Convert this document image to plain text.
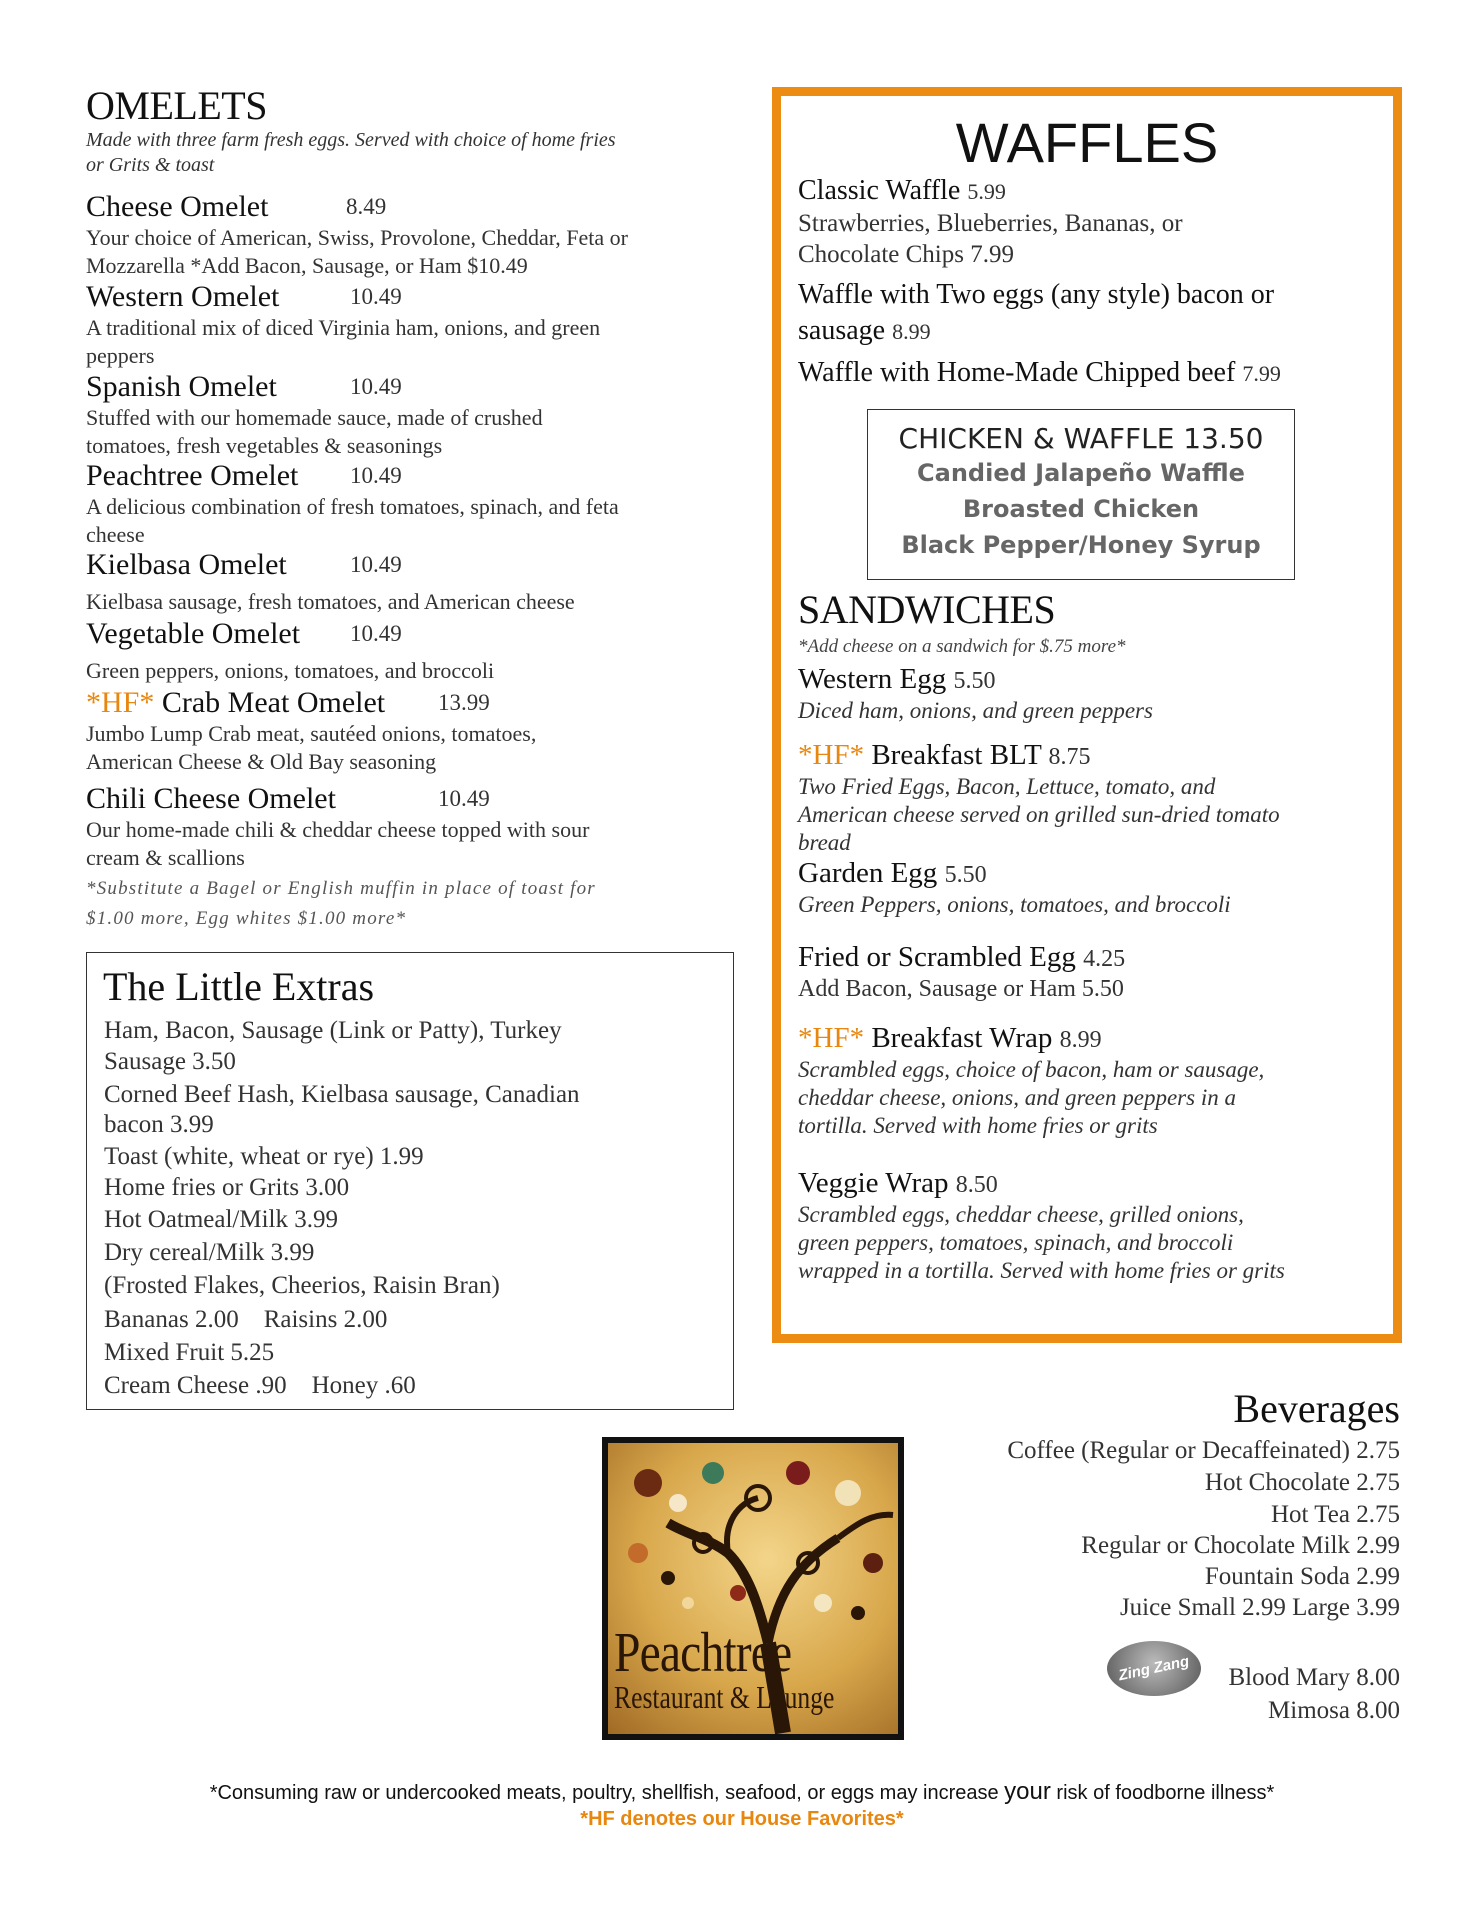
OMELETS
Made with three farm fresh eggs. Served with choice of home fries
or Grits & toast
Cheese Omelet	8.49
Your choice of American, Swiss, Provolone, Cheddar, Feta or
Mozzarella *Add Bacon, Sausage, or Ham $10.49
Western Omelet	10.49
A traditional mix of diced Virginia ham, onions, and green
peppers
Spanish Omelet	10.49
Stuffed with our homemade sauce, made of crushed
tomatoes, fresh vegetables & seasonings
Peachtree Omelet	10.49
A delicious combination of fresh tomatoes, spinach, and feta
cheese
Kielbasa Omelet	10.49
Kielbasa sausage, fresh tomatoes, and American cheese
Vegetable Omelet	10.49
Green peppers, onions, tomatoes, and broccoli
*HF* Crab Meat Omelet	13.99
Jumbo Lump Crab meat, sautéed onions, tomatoes,
American Cheese & Old Bay seasoning
Chili Cheese Omelet	10.49
Our home-made chili & cheddar cheese topped with sour
cream & scallions
*Substitute a Bagel or English muffin in place of toast for
$1.00 more, Egg whites $1.00 more*
The Little Extras
Ham, Bacon, Sausage (Link or Patty), Turkey
Sausage 3.50
Corned Beef Hash, Kielbasa sausage, Canadian
bacon 3.99
Toast (white, wheat or rye) 1.99
Home fries or Grits 3.00
Hot Oatmeal/Milk 3.99
Dry cereal/Milk 3.99
(Frosted Flakes, Cheerios, Raisin Bran)
Bananas 2.00    Raisins 2.00
Mixed Fruit 5.25
Cream Cheese .90    Honey .60
WAFFLES
Classic Waffle 5.99
Strawberries, Blueberries, Bananas, or
Chocolate Chips 7.99
Waffle with Two eggs (any style) bacon or
sausage 8.99
Waffle with Home-Made Chipped beef 7.99
CHICKEN & WAFFLE 13.50
Candied Jalapeño Waffle
Broasted Chicken
Black Pepper/Honey Syrup
SANDWICHES
*Add cheese on a sandwich for $.75 more*
Western Egg 5.50
Diced ham, onions, and green peppers
*HF* Breakfast BLT 8.75
Two Fried Eggs, Bacon, Lettuce, tomato, and
American cheese served on grilled sun-dried tomato
bread
Garden Egg 5.50
Green Peppers, onions, tomatoes, and broccoli
Fried or Scrambled Egg 4.25
Add Bacon, Sausage or Ham 5.50
*HF* Breakfast Wrap 8.99
Scrambled eggs, choice of bacon, ham or sausage,
cheddar cheese, onions, and green peppers in a
tortilla. Served with home fries or grits
Veggie Wrap 8.50
Scrambled eggs, cheddar cheese, grilled onions,
green peppers, tomatoes, spinach, and broccoli
wrapped in a tortilla. Served with home fries or grits
Peachtree
Restaurant & Lounge
Beverages
Coffee (Regular or Decaffeinated) 2.75
Hot Chocolate 2.75
Hot Tea 2.75
Regular or Chocolate Milk 2.99
Fountain Soda 2.99
Juice Small 2.99 Large 3.99
Zing Zang Blood Mary 8.00
Mimosa 8.00
*Consuming raw or undercooked meats, poultry, shellfish, seafood, or eggs may increase your risk of foodborne illness*
*HF denotes our House Favorites*
